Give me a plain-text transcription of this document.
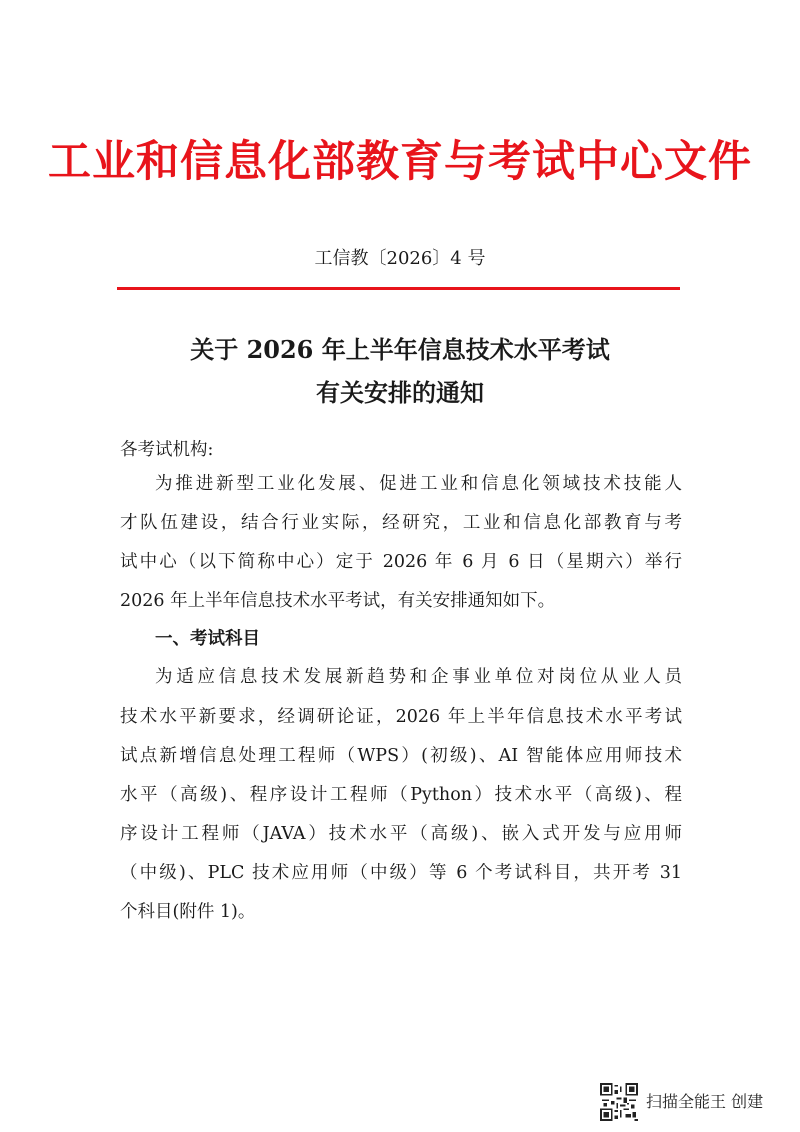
工业和信息化部教育与考试中心文件
工信教〔2026〕4 号
关于 2026 年上半年信息技术水平考试
有关安排的通知
各考试机构:
为推进新型工业化发展、促进工业和信息化领域技术技能人
才队伍建设，结合行业实际，经研究，工业和信息化部教育与考
试中心（以下简称中心）定于 2026 年 6 月 6 日（星期六）举行
2026 年上半年信息技术水平考试，有关安排通知如下。
一、考试科目
为适应信息技术发展新趋势和企事业单位对岗位从业人员
技术水平新要求，经调研论证，2026 年上半年信息技术水平考试
试点新增信息处理工程师（WPS）(初级)、AI 智能体应用师技术
水平（高级)、程序设计工程师（Python）技术水平（高级)、程
序设计工程师（JAVA）技术水平（高级)、嵌入式开发与应用师
（中级)、PLC 技术应用师（中级）等 6 个考试科目，共开考 31
个科目(附件 1)。
扫描全能王 创建
